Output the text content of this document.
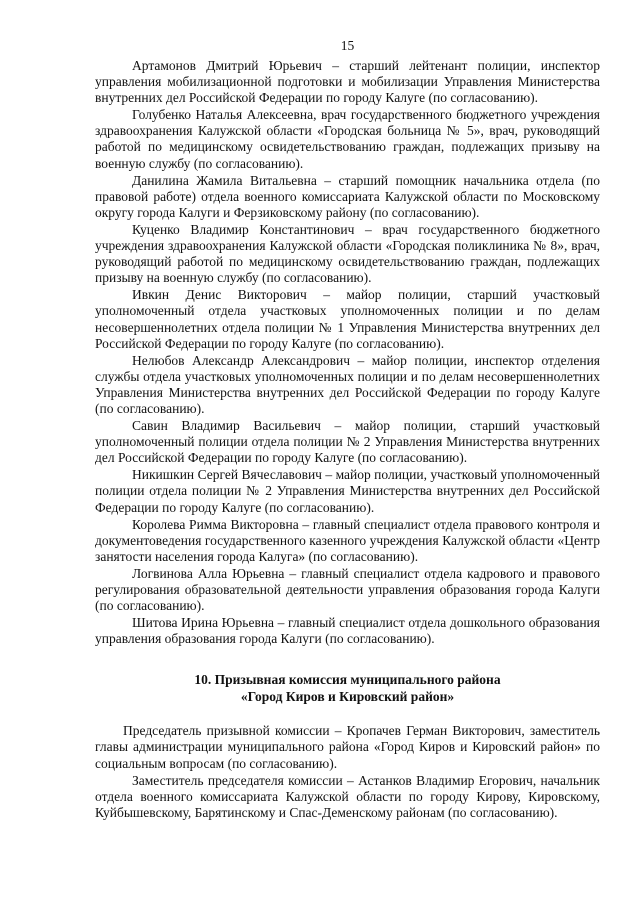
15

Артамонов Дмитрий Юрьевич – старший лейтенант полиции, инспектор управления мобилизационной подготовки и мобилизации Управления Министерства внутренних дел Российской Федерации по городу Калуге (по согласованию).

Голубенко Наталья Алексеевна, врач государственного бюджетного учреждения здравоохранения Калужской области «Городская больница № 5», врач, руководящий работой по медицинскому освидетельствованию граждан, подлежащих призыву на военную службу (по согласованию).

Данилина Жамила Витальевна – старший помощник начальника отдела (по правовой работе) отдела военного комиссариата Калужской области по Московскому округу города Калуги и Ферзиковскому району (по согласованию).

Куценко Владимир Константинович – врач государственного бюджетного учреждения здравоохранения Калужской области «Городская поликлиника № 8», врач, руководящий работой по медицинскому освидетельствованию граждан, подлежащих призыву на военную службу (по согласованию).

Ивкин Денис Викторович – майор полиции, старший участковый уполномоченный отдела участковых уполномоченных полиции и по делам несовершеннолетних отдела полиции № 1 Управления Министерства внутренних дел Российской Федерации по городу Калуге (по согласованию).

Нелюбов Александр Александрович – майор полиции, инспектор отделения службы отдела участковых уполномоченных полиции и по делам несовершеннолетних Управления Министерства внутренних дел Российской Федерации по городу Калуге (по согласованию).

Савин Владимир Васильевич – майор полиции, старший участковый уполномоченный полиции отдела полиции № 2 Управления Министерства внутренних дел Российской Федерации по городу Калуге (по согласованию).

Никишкин Сергей Вячеславович – майор полиции, участковый уполномоченный полиции отдела полиции № 2 Управления Министерства внутренних дел Российской Федерации по городу Калуге (по согласованию).

Королева Римма Викторовна – главный специалист отдела правового контроля и документоведения государственного казенного учреждения Калужской области «Центр занятости населения города Калуга» (по согласованию).

Логвинова Алла Юрьевна – главный специалист отдела кадрового и правового регулирования образовательной деятельности управления образования города Калуги (по согласованию).

Шитова Ирина Юрьевна – главный специалист отдела дошкольного образования управления образования города Калуги (по согласованию).

10. Призывная комиссия муниципального района
«Город Киров и Кировский район»

Председатель призывной комиссии – Кропачев Герман Викторович, заместитель главы администрации муниципального района «Город Киров и Кировский район» по социальным вопросам (по согласованию).

Заместитель председателя комиссии – Астанков Владимир Егорович, начальник отдела военного комиссариата Калужской области по городу Кирову, Кировскому, Куйбышевскому, Барятинскому и Спас-Деменскому районам (по согласованию).
